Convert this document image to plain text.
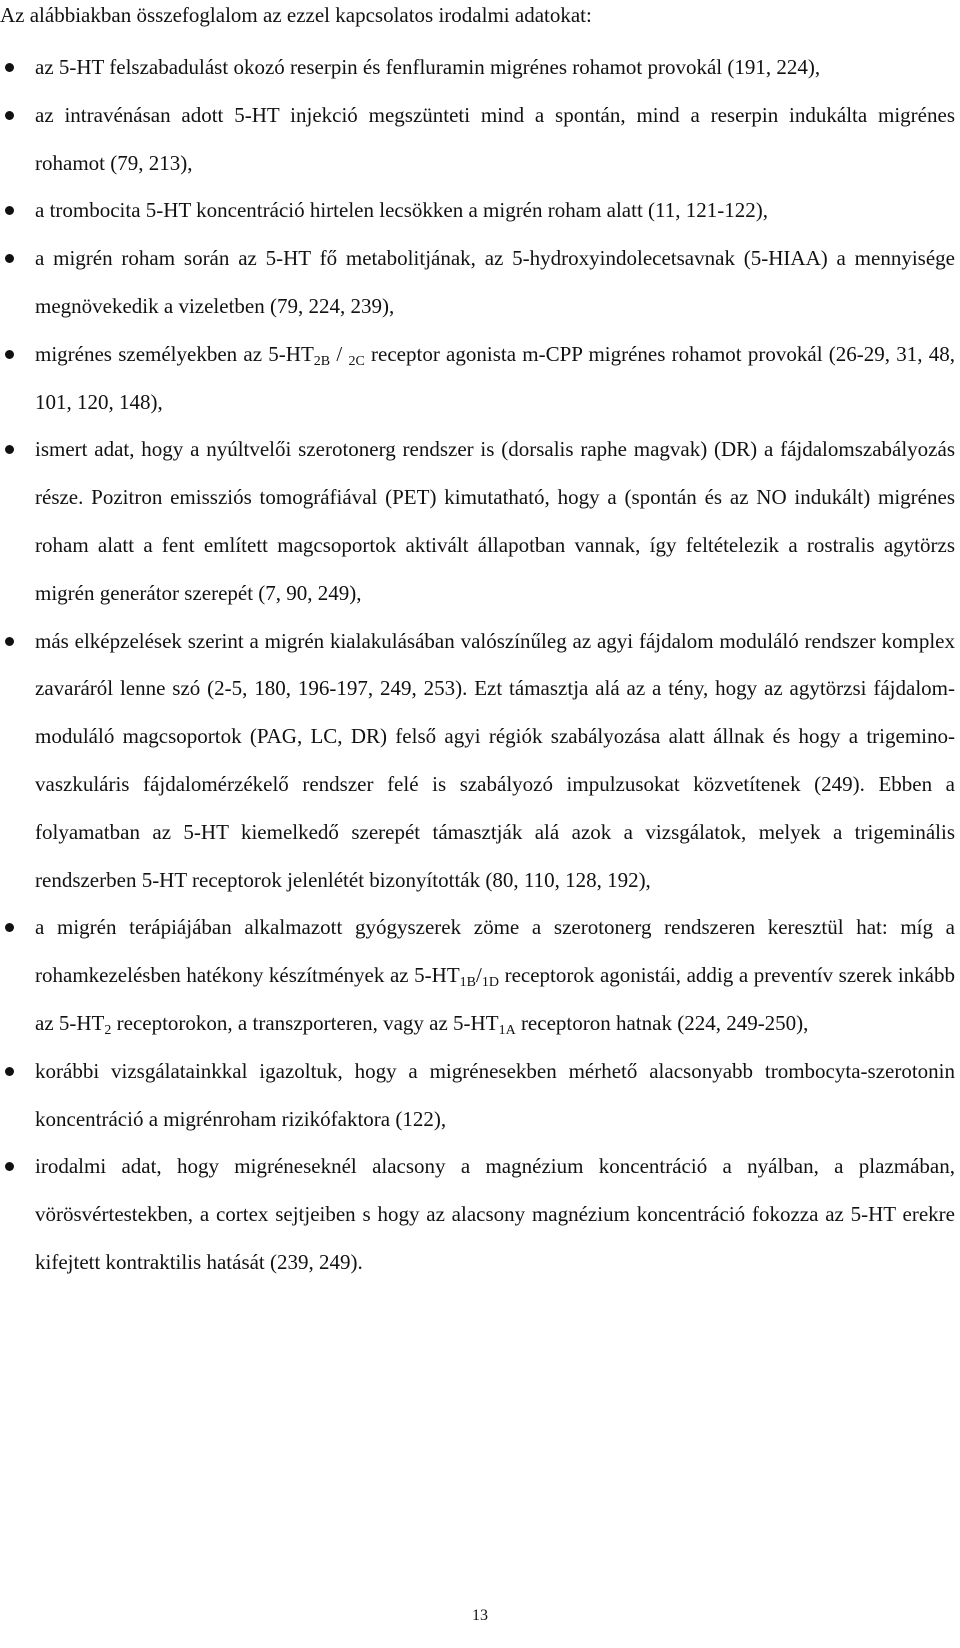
Az alábbiakban összefoglalom az ezzel kapcsolatos irodalmi adatokat:

az 5-HT felszabadulást okozó reserpin és fenfluramin migrénes rohamot provokál (191, 224),
az intravénásan adott 5-HT injekció megszünteti mind a spontán, mind a reserpin indukálta migrénes rohamot (79, 213),
a trombocita 5-HT koncentráció hirtelen lecsökken a migrén roham alatt (11, 121-122),
a migrén roham során az 5-HT fő metabolitjának, az 5-hydroxyindolecetsavnak (5-HIAA) a mennyisége megnövekedik a vizeletben (79, 224, 239),
migrénes személyekben az $5-HT_{2B} / _{2C}$ receptor agonista m-CPP migrénes rohamot provokál (26-29, 31, 48, 101, 120, 148),
ismert adat, hogy a nyúltvelői szerotonerg rendszer is (dorsalis raphe magvak) (DR) a fájdalomszabályozás része. Pozitron emissziós tomográfiával (PET) kimutatható, hogy a (spontán és az NO indukált) migrénes roham alatt a fent említett magcsoportok aktivált állapotban vannak, így feltételezik a rostralis agytörzs migrén generátor szerepét (7, 90, 249),
más elképzelések szerint a migrén kialakulásában valószínűleg az agyi fájdalom moduláló rendszer komplex zavaráról lenne szó (2-5, 180, 196-197, 249, 253). Ezt támasztja alá az a tény, hogy az agytörzsi fájdalom-moduláló magcsoportok (PAG, LC, DR) felső agyi régiók szabályozása alatt állnak és hogy a trigemino-vaszkuláris fájdalomérzékelő rendszer felé is szabályozó impulzusokat közvetítenek (249). Ebben a folyamatban az 5-HT kiemelkedő szerepét támasztják alá azok a vizsgálatok, melyek a trigeminális rendszerben 5-HT receptorok jelenlétét bizonyították (80, 110, 128, 192),
a migrén terápiájában alkalmazott gyógyszerek zöme a szerotonerg rendszeren keresztül hat: míg a rohamkezelésben hatékony készítmények az $5-HT_{1B}/_{1D}$ receptorok agonistái, addig a preventív szerek inkább az $5-HT_2$ receptorokon, a transzporteren, vagy az $5-HT_{1A}$ receptoron hatnak (224, 249-250),
korábbi vizsgálatainkkal igazoltuk, hogy a migrénesekben mérhető alacsonyabb trombocyta-szerotonin koncentráció a migrénroham rizikófaktora (122),
irodalmi adat, hogy migréneseknél alacsony a magnézium koncentráció a nyálban, a plazmában, vörösvértestekben, a cortex sejtjeiben s hogy az alacsony magnézium koncentráció fokozza az 5-HT erekre kifejtett kontraktilis hatását (239, 249).
13
